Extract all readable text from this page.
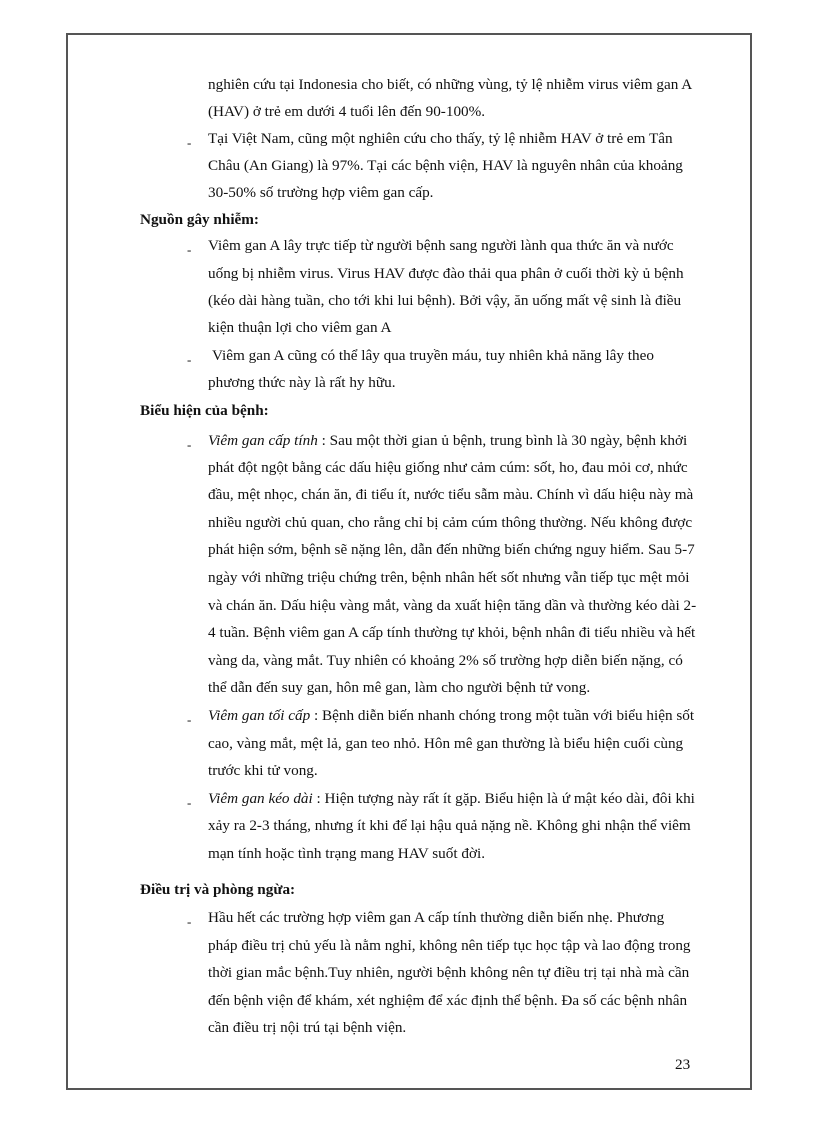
nghiên cứu tại Indonesia cho biết, có những vùng, tỷ lệ nhiễm virus viêm gan A
(HAV) ở trẻ em dưới 4 tuổi lên đến 90-100%.
- Tại Việt Nam, cũng một nghiên cứu cho thấy, tỷ lệ nhiễm HAV ở trẻ em Tân
Châu (An Giang) là 97%. Tại các bệnh viện, HAV là nguyên nhân của khoảng
30-50% số trường hợp viêm gan cấp.
Nguồn gây nhiễm:
- Viêm gan A lây trực tiếp từ người bệnh sang người lành qua thức ăn và nước
uống bị nhiễm virus. Virus HAV được đào thải qua phân ở cuối thời kỳ ủ bệnh
(kéo dài hàng tuần, cho tới khi lui bệnh). Bởi vậy, ăn uống mất vệ sinh là điều
kiện thuận lợi cho viêm gan A
- Viêm gan A cũng có thể lây qua truyền máu, tuy nhiên khả năng lây theo
phương thức này là rất hy hữu.
Biểu hiện của bệnh:
- Viêm gan cấp tính : Sau một thời gian ủ bệnh, trung bình là 30 ngày, bệnh khởi
phát đột ngột bằng các dấu hiệu giống như cảm cúm: sốt, ho, đau mỏi cơ, nhức
đầu, mệt nhọc, chán ăn, đi tiểu ít, nước tiểu sẫm màu. Chính vì dấu hiệu này mà
nhiều người chủ quan, cho rằng chỉ bị cảm cúm thông thường. Nếu không được
phát hiện sớm, bệnh sẽ nặng lên, dẫn đến những biến chứng nguy hiểm. Sau 5-7
ngày với những triệu chứng trên, bệnh nhân hết sốt nhưng vẫn tiếp tục mệt mỏi
và chán ăn. Dấu hiệu vàng mắt, vàng da xuất hiện tăng dần và thường kéo dài 2-
4 tuần. Bệnh viêm gan A cấp tính thường tự khỏi, bệnh nhân đi tiểu nhiều và hết
vàng da, vàng mắt. Tuy nhiên có khoảng 2% số trường hợp diễn biến nặng, có
thể dẫn đến suy gan, hôn mê gan, làm cho người bệnh tử vong.
- Viêm gan tối cấp : Bệnh diễn biến nhanh chóng trong một tuần với biểu hiện sốt
cao, vàng mắt, mệt lả, gan teo nhỏ. Hôn mê gan thường là biểu hiện cuối cùng
trước khi tử vong.
- Viêm gan kéo dài : Hiện tượng này rất ít gặp. Biểu hiện là ứ mật kéo dài, đôi khi
xảy ra 2-3 tháng, nhưng ít khi để lại hậu quả nặng nề. Không ghi nhận thể viêm
mạn tính hoặc tình trạng mang HAV suốt đời.
Điều trị và phòng ngừa:
- Hầu hết các trường hợp viêm gan A cấp tính thường diễn biến nhẹ. Phương
pháp điều trị chủ yếu là nằm nghỉ, không nên tiếp tục học tập và lao động trong
thời gian mắc bệnh.Tuy nhiên, người bệnh không nên tự điều trị tại nhà mà cần
đến bệnh viện để khám, xét nghiệm để xác định thể bệnh. Đa số các bệnh nhân
cần điều trị nội trú tại bệnh viện.
23
